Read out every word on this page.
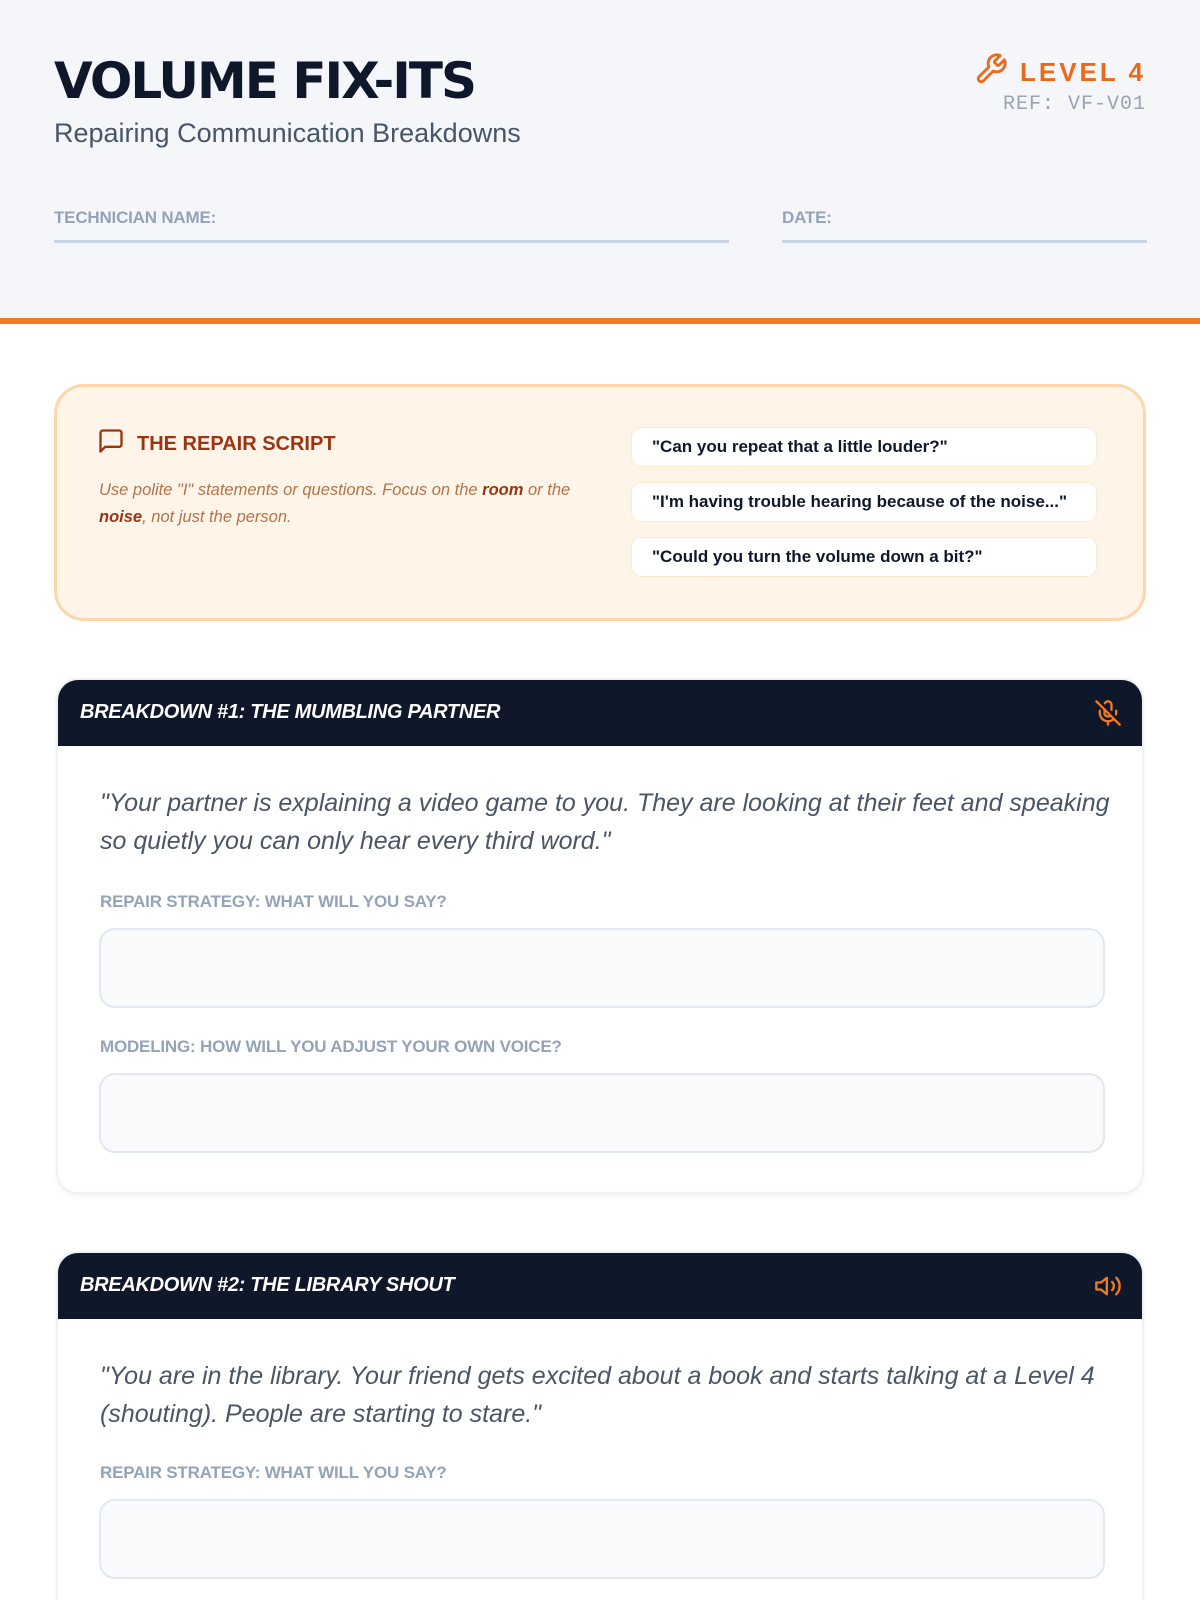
VOLUME FIX-ITS
Repairing Communication Breakdowns
LEVEL 4
REF: VF-V01
TECHNICIAN NAME:	DATE:
THE REPAIR SCRIPT

Use polite "I" statements or questions. Focus on the room or the noise, not just the person.

"Can you repeat that a little louder?"
"I'm having trouble hearing because of the noise..."
"Could you turn the volume down a bit?"
BREAKDOWN #1: THE MUMBLING PARTNER

"Your partner is explaining a video game to you. They are looking at their feet and speaking so quietly you can only hear every third word."

REPAIR STRATEGY: WHAT WILL YOU SAY?
MODELING: HOW WILL YOU ADJUST YOUR OWN VOICE?
BREAKDOWN #2: THE LIBRARY SHOUT

"You are in the library. Your friend gets excited about a book and starts talking at a Level 4 (shouting). People are starting to stare."

REPAIR STRATEGY: WHAT WILL YOU SAY?
